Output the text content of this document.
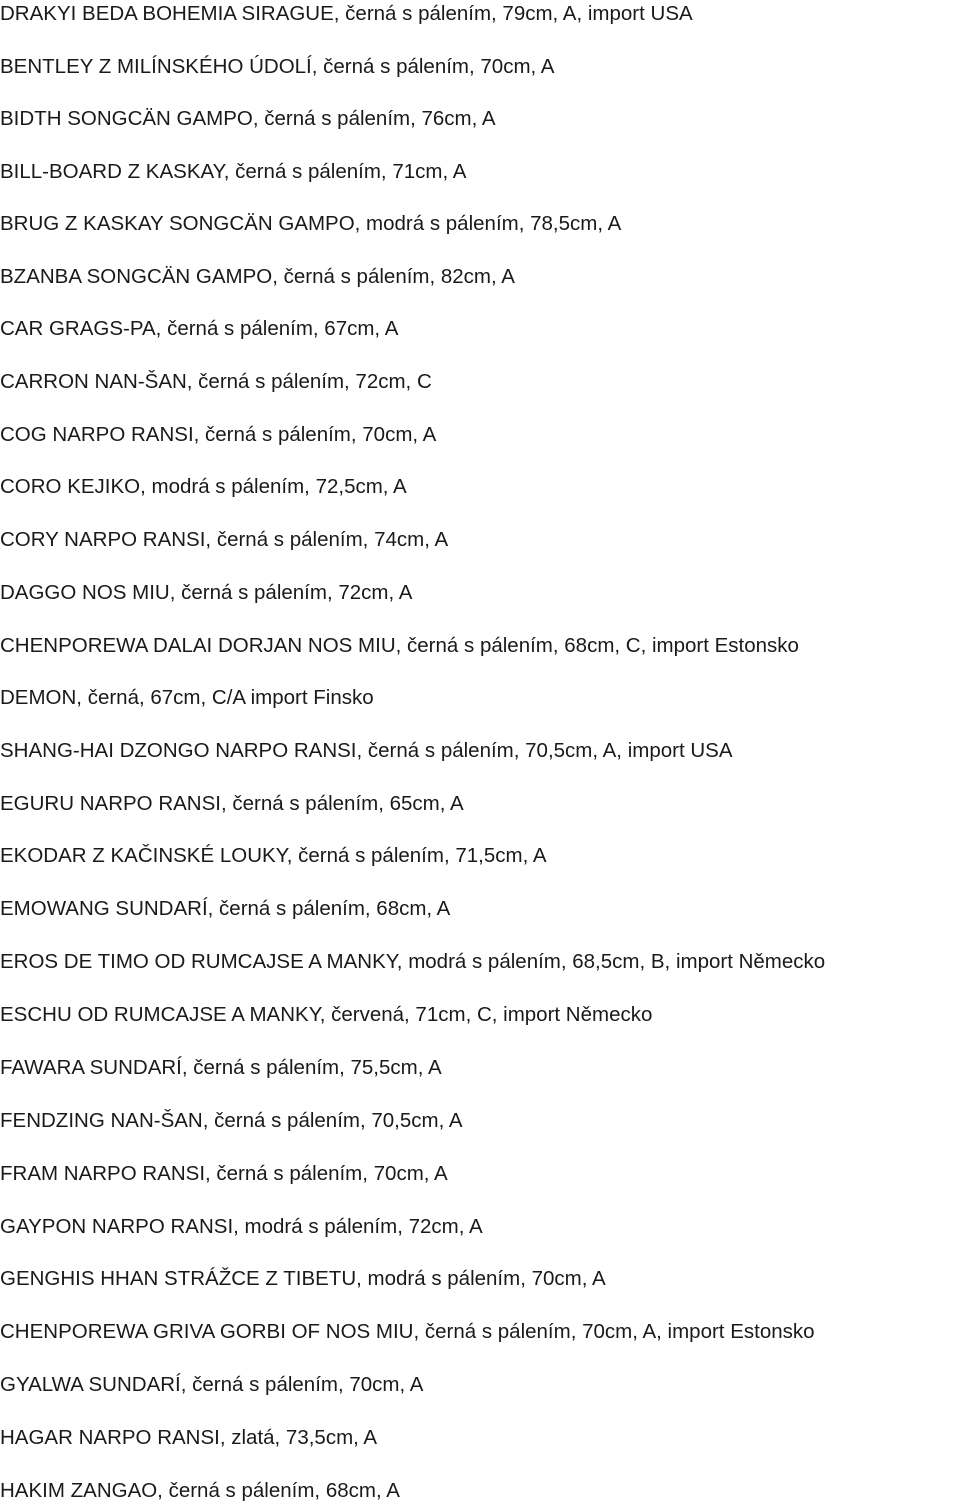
DRAKYI BEDA BOHEMIA SIRAGUE, černá s pálením, 79cm, A, import USA
BENTLEY Z MILÍNSKÉHO ÚDOLÍ, černá s pálením, 70cm, A
BIDTH SONGCÄN GAMPO, černá s pálením, 76cm, A
BILL-BOARD Z KASKAY, černá s pálením, 71cm, A
BRUG Z KASKAY SONGCÄN GAMPO, modrá s pálením, 78,5cm, A
BZANBA SONGCÄN GAMPO, černá s pálením, 82cm, A
CAR GRAGS-PA, černá s pálením, 67cm, A
CARRON NAN-ŠAN, černá s pálením, 72cm, C
COG NARPO RANSI, černá s pálením, 70cm, A
CORO KEJIKO, modrá s pálením, 72,5cm, A
CORY NARPO RANSI, černá s pálením, 74cm, A
DAGGO NOS MIU, černá s pálením, 72cm, A
CHENPOREWA DALAI DORJAN NOS MIU, černá s pálením, 68cm, C, import Estonsko
DEMON, černá, 67cm, C/A import Finsko
SHANG-HAI DZONGO NARPO RANSI, černá s pálením, 70,5cm, A, import USA
EGURU NARPO RANSI, černá s pálením, 65cm, A
EKODAR Z KAČINSKÉ LOUKY, černá s pálením, 71,5cm, A
EMOWANG SUNDARÍ, černá s pálením, 68cm, A
EROS DE TIMO OD RUMCAJSE A MANKY, modrá s pálením, 68,5cm, B, import Německo
ESCHU OD RUMCAJSE A MANKY, červená, 71cm, C, import Německo
FAWARA SUNDARÍ, černá s pálením, 75,5cm, A
FENDZING NAN-ŠAN, černá s pálením, 70,5cm, A
FRAM NARPO RANSI, černá s pálením, 70cm, A
GAYPON NARPO RANSI, modrá s pálením, 72cm, A
GENGHIS HHAN STRÁŽCE Z TIBETU, modrá s pálením, 70cm, A
CHENPOREWA GRIVA GORBI OF NOS MIU, černá s pálením, 70cm, A, import Estonsko
GYALWA SUNDARÍ, černá s pálením, 70cm, A
HAGAR NARPO RANSI, zlatá, 73,5cm, A
HAKIM ZANGAO, černá s pálením, 68cm, A
